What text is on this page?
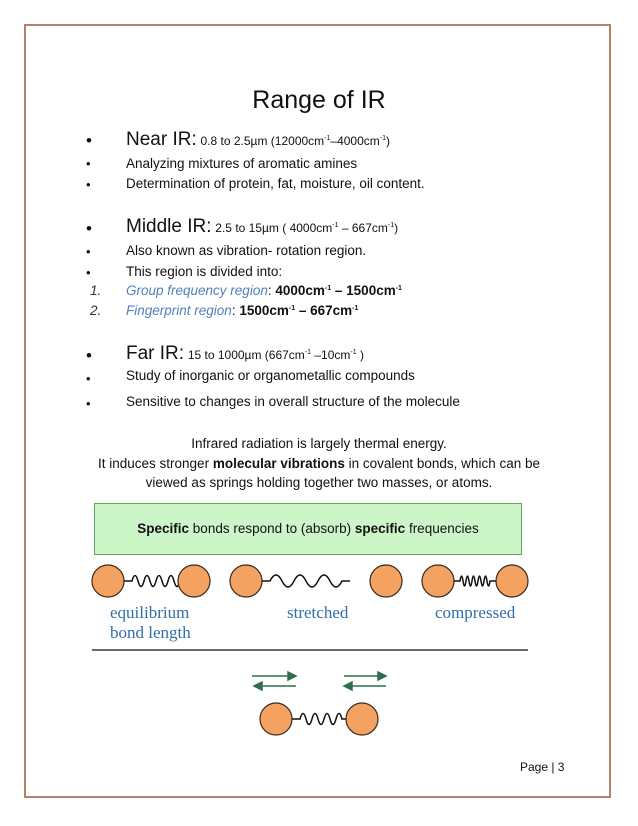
Range of IR
• Near IR: 0.8 to 2.5µm $(12000cm^{-1}-4000cm^{-1})$
•	Analyzing mixtures of aromatic amines
•	Determination of protein, fat, moisture, oil content.
• Middle IR: 2.5 to 15µm ( $4000cm^{-1} - 667cm^{-1}$)
•	Also known as vibration- rotation region.
•	This region is divided into:
1. Group frequency region: $4000cm^{-1} - 1500cm^{-1}$
2. Fingerprint region: $1500cm^{-1} - 667cm^{-1}$
• Far IR: 15 to 1000µm ($667cm^{-1}$ $-10cm^{-1}$ )
•	Study of inorganic or organometallic compounds
•	Sensitive to changes in overall structure of the molecule
Infrared radiation is largely thermal energy.
It induces stronger molecular vibrations in covalent bonds, which can be
viewed as springs holding together two masses, or atoms.
Specific bonds respond to (absorb) specific frequencies
equilibrium
bond length
stretched	compressed
Page | 3
